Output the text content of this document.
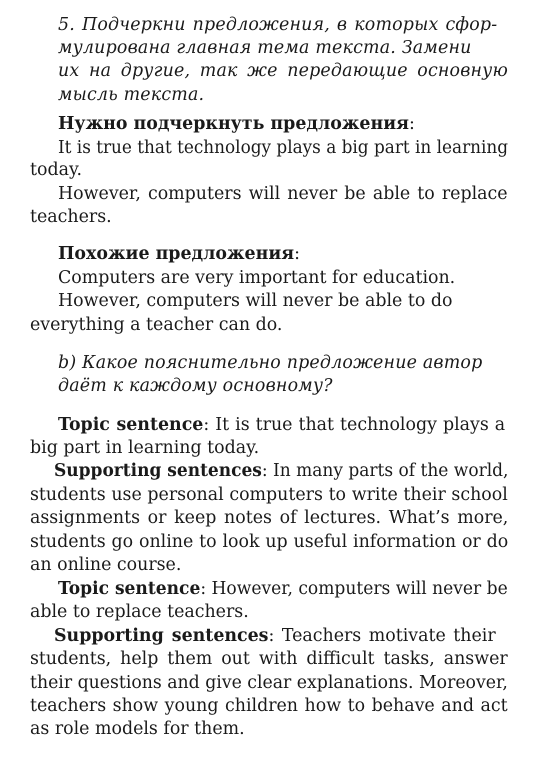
5. Подчеркни предложения, в которых сфор-
мулирована главная тема текста. Замени
их на другие, так же передающие основную
мысль текста.
Нужно подчеркнуть предложения:
It is true that technology plays a big part in learning
today.
However, computers will never be able to replace
teachers.
Похожие предложения:
Computers are very important for education.
However, computers will never be able to do
everything a teacher can do.
b) Какое пояснительно предложение автор
даёт к каждому основному?
Topic sentence: It is true that technology plays a
big part in learning today.
Supporting sentences: In many parts of the world,
students use personal computers to write their school
assignments or keep notes of lectures. What’s more,
students go online to look up useful information or do
an online course.
Topic sentence: However, computers will never be
able to replace teachers.
Supporting sentences: Teachers motivate their
students, help them out with difficult tasks, answer
their questions and give clear explanations. Moreover,
teachers show young children how to behave and act
as role models for them.
